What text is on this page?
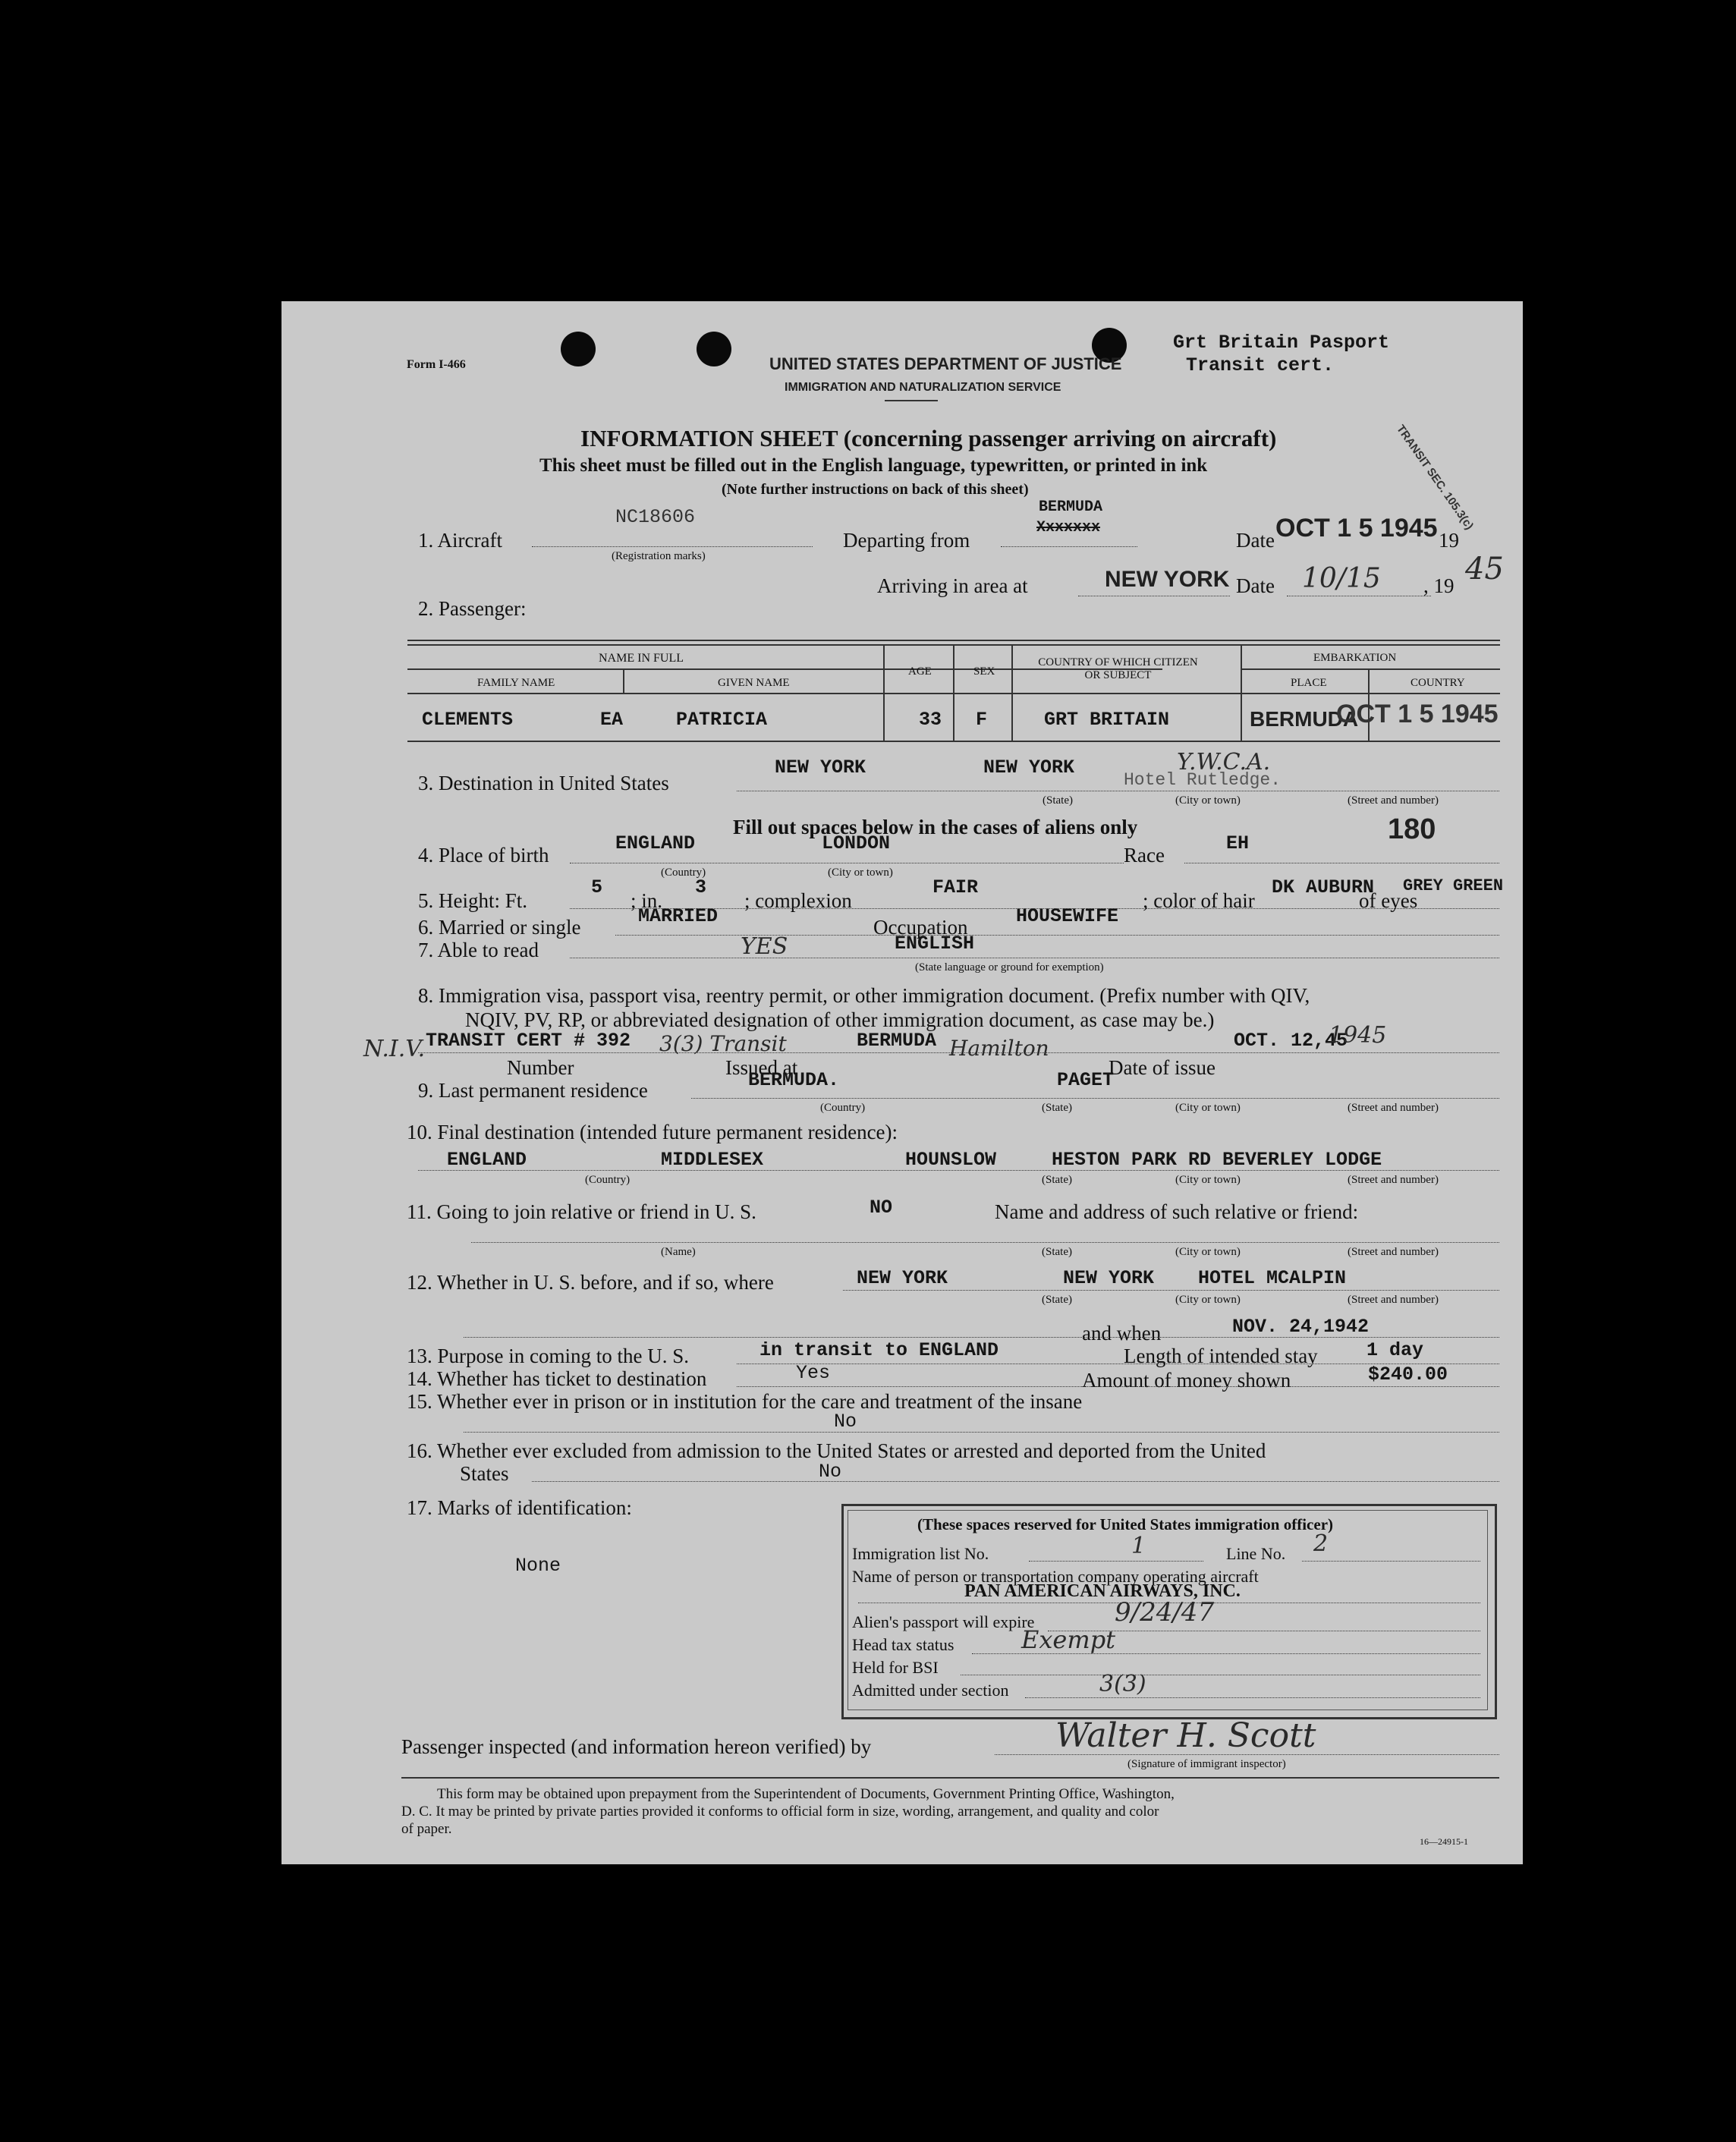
Form I-466	UNITED STATES DEPARTMENT OF JUSTICE
IMMIGRATION AND NATURALIZATION SERVICE
Grt Britain Pasport
Transit cert.
TRANSIT SEC. 105.3(c)
INFORMATION SHEET (concerning passenger arriving on aircraft)
This sheet must be filled out in the English language, typewritten, or printed in ink
(Note further instructions on back of this sheet)
1. Aircraft
NC18606
(Registration marks)
Departing from
BERMUDA
Xxxxxxx
Date OCT 1 5 1945 19
Arriving in area at	NEW YORK Date 10/15 , 19 45
2. Passenger:
NAME IN FULL
FAMILY NAME	GIVEN NAME
AGE	SEX
COUNTRY OF WHICH CITIZEN OR SUBJECT
EMBARKATION
PLACE	COUNTRY
CLEMENTS	EA	PATRICIA	33 F	GRT BRITAIN	BERMUDA
OCT 1 5 1945
3. Destination in United States
NEW YORK	NEW YORK	Y.W.C.A.
Hotel Rutledge.
(State)	(City or town)	(Street and number)
Fill out spaces below in the cases of aliens only
4. Place of birth
ENGLAND	LONDON
(Country)	(City or town)
Race
EH	180
5. Height: Ft.
5
; in.
3
; complexion
FAIR
; color of hair
DK AUBURN
of eyes
GREY GREEN
6. Married or single	MARRIED	Occupation	HOUSEWIFE
7. Able to read	YES	ENGLISH
(State language or ground for exemption)
8. Immigration visa, passport visa, reentry permit, or other immigration document. (Prefix number with QIV,
NQIV, PV, RP, or abbreviated designation of other immigration document, as case may be.)
N.I.V. TRANSIT CERT # 392 3(3) Transit	BERMUDA Hamilton	OCT. 12,45
1945
Number	Issued at	Date of issue
9. Last permanent residence	BERMUDA.	PAGET
(Country)	(State)	(City or town)	(Street and number)
10. Final destination (intended future permanent residence):
ENGLAND	MIDDLESEX	HOUNSLOW	HESTON PARK RD BEVERLEY LODGE
(Country)	(State)	(City or town)	(Street and number)
11. Going to join relative or friend in U. S.	NO	Name and address of such relative or friend:
(Name)	(State)	(City or town)	(Street and number)
12. Whether in U. S. before, and if so, where	NEW YORK	NEW YORK HOTEL MCALPIN
(State)	(City or town)	(Street and number)
and when	NOV. 24,1942
13. Purpose in coming to the U. S.	in transit to ENGLAND	Length of intended stay	1 day
14. Whether has ticket to destination	Yes	Amount of money shown	$240.00
15. Whether ever in prison or in institution for the care and treatment of the insane
No
16. Whether ever excluded from admission to the United States or arrested and deported from the United
States	No
17. Marks of identification:
None
(These spaces reserved for United States immigration officer)
Immigration list No.	1	Line No. 2
Name of person or transportation company operating aircraft
PAN AMERICAN AIRWAYS, INC.
Alien's passport will expire	9/24/47
Head tax status	Exempt
Held for BSI
Admitted under section	3(3)
Passenger inspected (and information hereon verified) by	Walter H. Scott
(Signature of immigrant inspector)
This form may be obtained upon prepayment from the Superintendent of Documents, Government Printing Office, Washington,
D. C. It may be printed by private parties provided it conforms to official form in size, wording, arrangement, and quality and color
of paper.
16—24915-1
